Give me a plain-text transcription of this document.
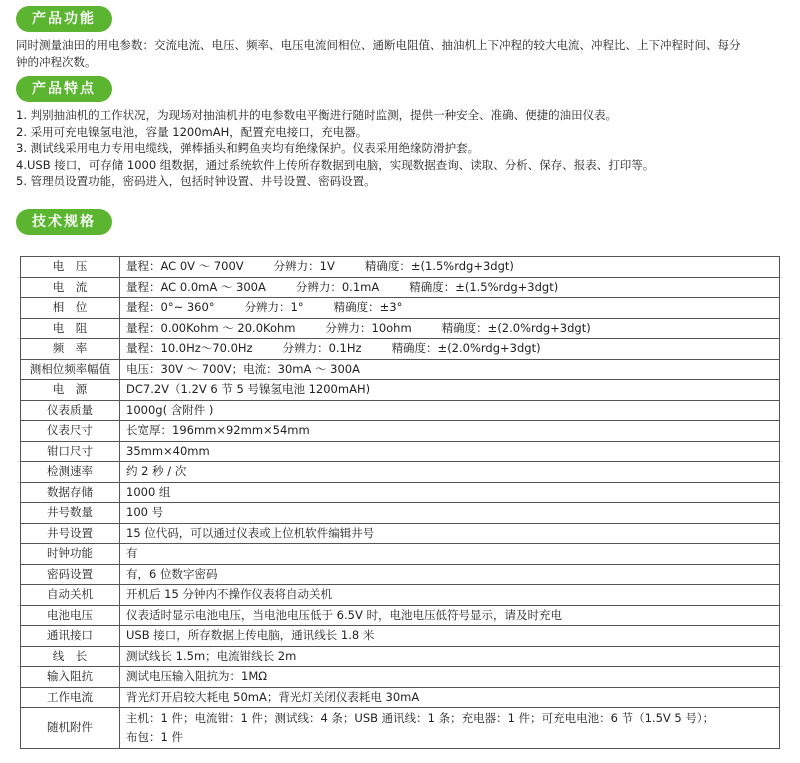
产品功能
同时测量油田的用电参数：交流电流、电压、频率、电压电流间相位、通断电阻值、抽油机上下冲程的较大电流、冲程比、上下冲程时间、每分
钟的冲程次数。
产品特点
1. 判别抽油机的工作状况，为现场对抽油机井的电参数电平衡进行随时监测，提供一种安全、准确、便捷的油田仪表。
2. 采用可充电镍氢电池，容量 1200mAH，配置充电接口，充电器。
3. 测试线采用电力专用电缆线，弹棒插头和鳄鱼夹均有绝缘保护。仪表采用绝缘防滑护套。
4.USB 接口，可存储 1000 组数据，通过系统软件上传所存数据到电脑，实现数据查询、读取、分析、保存、报表、打印等。
5. 管理员设置功能，密码进入，包括时钟设置、井号设置、密码设置。
技术规格
电　压	量程：AC 0V ～ 700V 分辨力：1V 精确度：±(1.5%rdg+3dgt)
电　流	量程：AC 0.0mA ～ 300A 分辨力：0.1mA 精确度：±(1.5%rdg+3dgt)
相　位	量程：0°~ 360° 分辨力：1° 精确度：±3°
电　阻	量程：0.00Kohm ～ 20.0Kohm 分辨力：10ohm 精确度：±(2.0%rdg+3dgt)
频　率	量程：10.0Hz～70.0Hz 分辨力：0.1Hz 精确度：±(2.0%rdg+3dgt)
测相位频率幅值	电压：30V ～ 700V；电流：30mA ～ 300A
电　源	DC7.2V（1.2V 6 节 5 号镍氢电池 1200mAH)
仪表质量	1000g( 含附件 )
仪表尺寸	长宽厚：196mm×92mm×54mm
钳口尺寸	35mm×40mm
检测速率	约 2 秒 / 次
数据存储	1000 组
井号数量	100 号
井号设置	15 位代码，可以通过仪表或上位机软件编辑井号
时钟功能	有
密码设置	有，6 位数字密码
自动关机	开机后 15 分钟内不操作仪表将自动关机
电池电压	仪表适时显示电池电压，当电池电压低于 6.5V 时，电池电压低符号显示，请及时充电
通讯接口	USB 接口，所存数据上传电脑，通讯线长 1.8 米
线　长	测试线长 1.5m；电流钳线长 2m
输入阻抗	测试电压输入阻抗为：1MΩ
工作电流	背光灯开启较大耗电 50mA；背光灯关闭仪表耗电 30mA
随机附件	主机：1 件；电流钳：1 件；测试线：4 条；USB 通讯线：1 条；充电器：1 件；可充电电池：6 节（1.5V 5 号）；
布包：1 件
